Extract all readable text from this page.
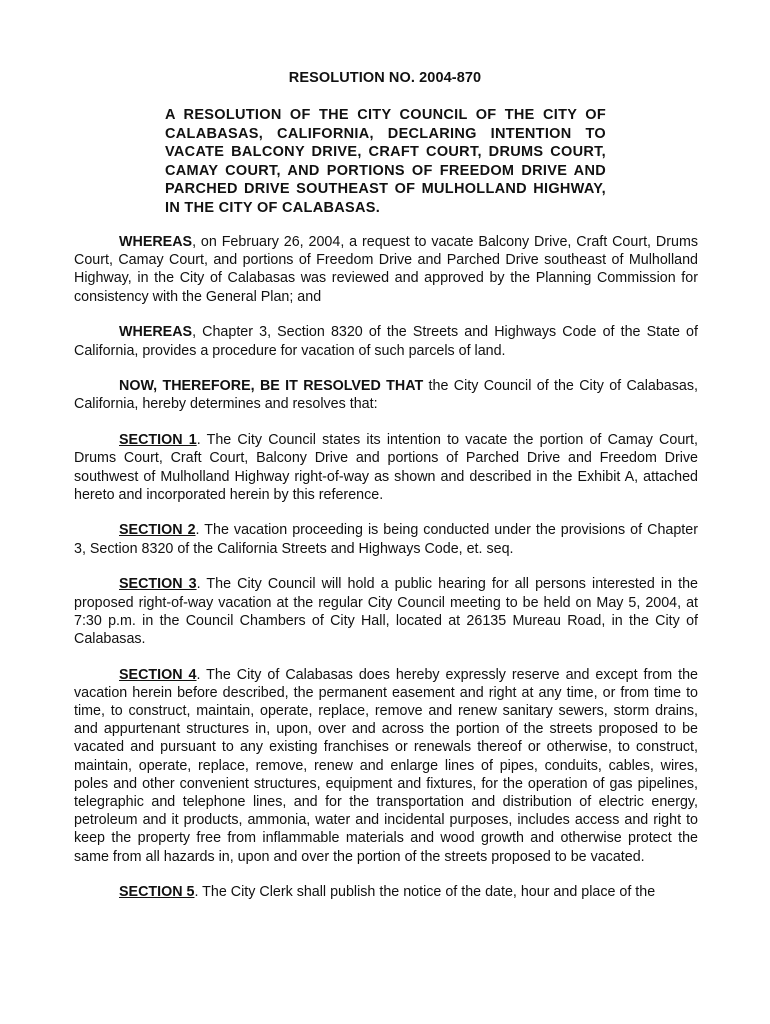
RESOLUTION NO. 2004-870
A RESOLUTION OF THE CITY COUNCIL OF THE CITY OF CALABASAS, CALIFORNIA, DECLARING INTENTION TO VACATE BALCONY DRIVE, CRAFT COURT, DRUMS COURT, CAMAY COURT, AND PORTIONS OF FREEDOM DRIVE AND PARCHED DRIVE SOUTHEAST OF MULHOLLAND HIGHWAY, IN THE CITY OF CALABASAS.

WHEREAS, on February 26, 2004, a request to vacate Balcony Drive, Craft Court, Drums Court, Camay Court, and portions of Freedom Drive and Parched Drive southeast of Mulholland Highway, in the City of Calabasas was reviewed and approved by the Planning Commission for consistency with the General Plan; and

WHEREAS, Chapter 3, Section 8320 of the Streets and Highways Code of the State of California, provides a procedure for vacation of such parcels of land.

NOW, THEREFORE, BE IT RESOLVED THAT the City Council of the City of Calabasas, California, hereby determines and resolves that:

SECTION 1. The City Council states its intention to vacate the portion of Camay Court, Drums Court, Craft Court, Balcony Drive and portions of Parched Drive and Freedom Drive southwest of Mulholland Highway right-of-way as shown and described in the Exhibit A, attached hereto and incorporated herein by this reference.

SECTION 2. The vacation proceeding is being conducted under the provisions of Chapter 3, Section 8320 of the California Streets and Highways Code, et. seq.

SECTION 3. The City Council will hold a public hearing for all persons interested in the proposed right-of-way vacation at the regular City Council meeting to be held on May 5, 2004, at 7:30 p.m. in the Council Chambers of City Hall, located at 26135 Mureau Road, in the City of Calabasas.

SECTION 4. The City of Calabasas does hereby expressly reserve and except from the vacation herein before described, the permanent easement and right at any time, or from time to time, to construct, maintain, operate, replace, remove and renew sanitary sewers, storm drains, and appurtenant structures in, upon, over and across the portion of the streets proposed to be vacated and pursuant to any existing franchises or renewals thereof or otherwise, to construct, maintain, operate, replace, remove, renew and enlarge lines of pipes, conduits, cables, wires, poles and other convenient structures, equipment and fixtures, for the operation of gas pipelines, telegraphic and telephone lines, and for the transportation and distribution of electric energy, petroleum and it products, ammonia, water and incidental purposes, includes access and right to keep the property free from inflammable materials and wood growth and otherwise protect the same from all hazards in, upon and over the portion of the streets proposed to be vacated.

SECTION 5. The City Clerk shall publish the notice of the date, hour and place of the
